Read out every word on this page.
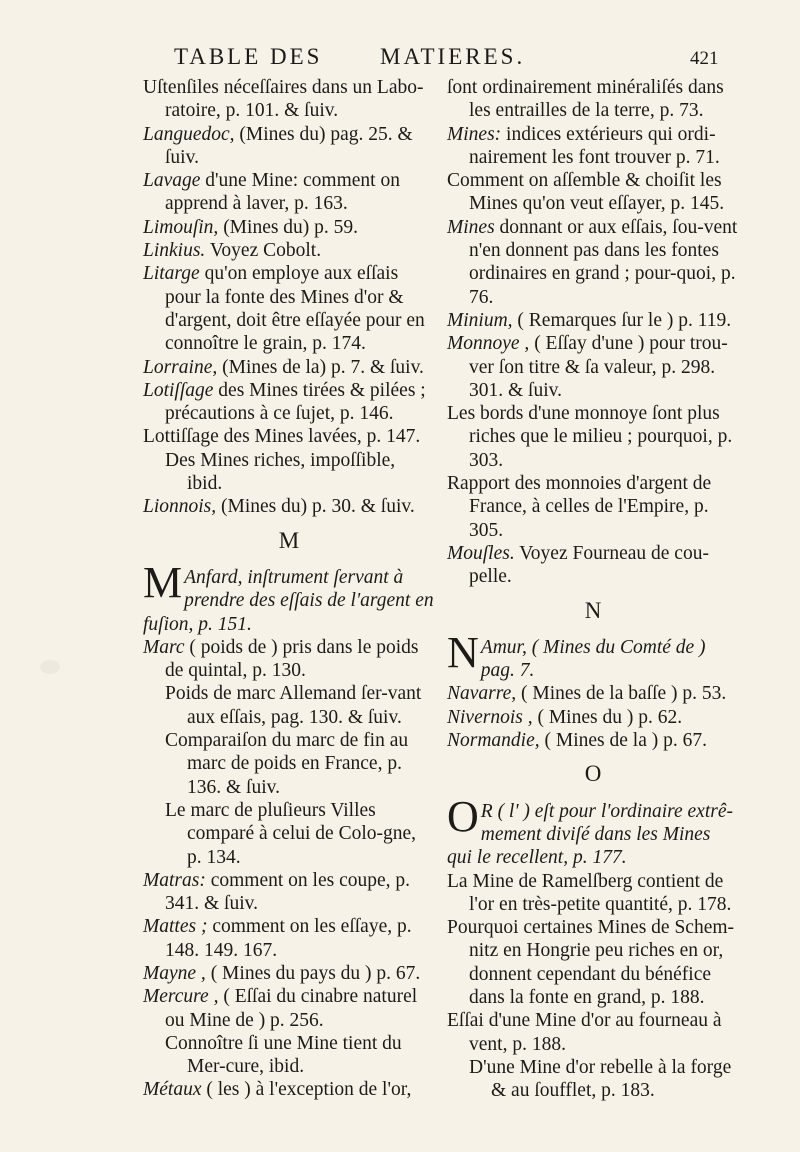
TABLE DES	MATIERES.	421

Uſtenſiles néceſſaires dans un Labo-ratoire, p. 101. & ſuiv.

Languedoc, (Mines du) pag. 25. & ſuiv.

Lavage d'une Mine: comment on apprend à laver, p. 163.

Limouſin, (Mines du) p. 59.

Linkius. Voyez Cobolt.

Litarge qu'on employe aux eſſais pour la fonte des Mines d'or & d'argent, doit être eſſayée pour en connoître le grain, p. 174.

Lorraine, (Mines de la) p. 7. & ſuiv.

Lotiſſage des Mines tirées & pilées ; précautions à ce ſujet, p. 146.

Lottiſſage des Mines lavées, p. 147.

Des Mines riches, impoſſible, ibid.

Lionnois, (Mines du) p. 30. & ſuiv.

M

M Anfard, inſtrument ſervant à prendre des eſſais de l'argent en fuſion, p. 151.

Marc ( poids de ) pris dans le poids de quintal, p. 130.

Poids de marc Allemand ſer-vant aux eſſais, pag. 130. & ſuiv.

Comparaiſon du marc de fin au marc de poids en France, p. 136. & ſuiv.

Le marc de pluſieurs Villes comparé à celui de Colo-gne, p. 134.

Matras: comment on les coupe, p. 341. & ſuiv.

Mattes ; comment on les eſſaye, p. 148. 149. 167.

Mayne , ( Mines du pays du ) p. 67.

Mercure , ( Eſſai du cinabre naturel ou Mine de ) p. 256.

Connoître ſi une Mine tient du Mer-cure, ibid.

Métaux ( les ) à l'exception de l'or,

ſont ordinairement minéraliſés dans les entrailles de la terre, p. 73.

Mines: indices extérieurs qui ordi-nairement les font trouver p. 71.

Comment on aſſemble & choiſit les Mines qu'on veut eſſayer, p. 145.

Mines donnant or aux eſſais, ſou-vent n'en donnent pas dans les fontes ordinaires en grand ; pour-quoi, p. 76.

Minium, ( Remarques ſur le ) p. 119.

Monnoye , ( Eſſay d'une ) pour trou-ver ſon titre & ſa valeur, p. 298. 301. & ſuiv.

Les bords d'une monnoye ſont plus riches que le milieu ; pourquoi, p. 303.

Rapport des monnoies d'argent de France, à celles de l'Empire, p. 305.

Mouſles. Voyez Fourneau de cou-pelle.

N

N Amur, ( Mines du Comté de ) pag. 7.

Navarre, ( Mines de la baſſe ) p. 53.

Nivernois , ( Mines du ) p. 62.

Normandie, ( Mines de la ) p. 67.

O

O R ( l' ) eſt pour l'ordinaire extrê-mement diviſé dans les Mines qui le recellent, p. 177.

La Mine de Ramelſberg contient de l'or en très-petite quantité, p. 178.

Pourquoi certaines Mines de Schem-nitz en Hongrie peu riches en or, donnent cependant du bénéfice dans la fonte en grand, p. 188.

Eſſai d'une Mine d'or au fourneau à vent, p. 188.

D'une Mine d'or rebelle à la forge & au ſoufflet, p. 183.
